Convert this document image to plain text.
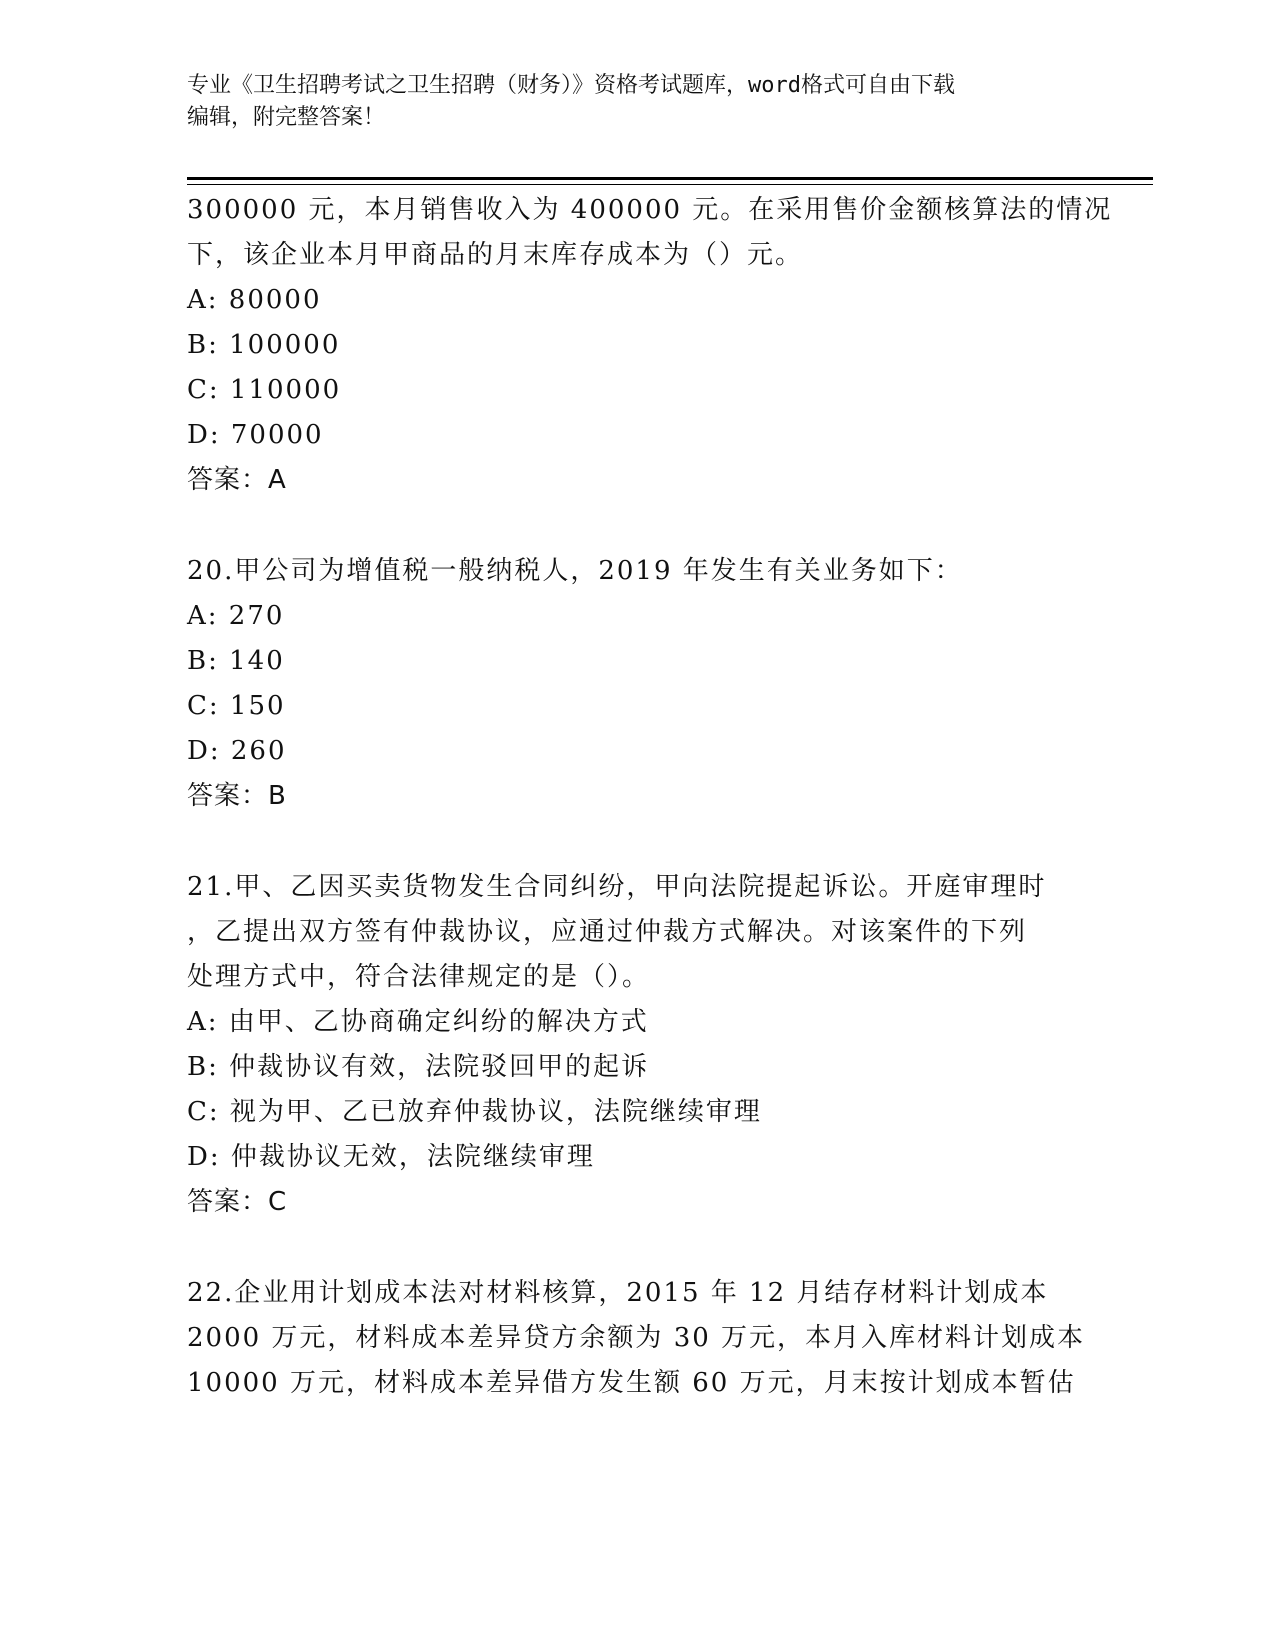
专业《卫生招聘考试之卫生招聘（财务）》资格考试题库，word格式可自由下载
编辑，附完整答案！
300000 元，本月销售收入为 400000 元。在采用售价金额核算法的情况
下，该企业本月甲商品的月末库存成本为（）元。
A: 80000
B: 100000
C: 110000
D: 70000
答案：A
20.甲公司为增值税一般纳税人，2019 年发生有关业务如下：
A: 270
B: 140
C: 150
D: 260
答案：B
21.甲、乙因买卖货物发生合同纠纷，甲向法院提起诉讼。开庭审理时
，乙提出双方签有仲裁协议，应通过仲裁方式解决。对该案件的下列
处理方式中，符合法律规定的是（）。
A: 由甲、乙协商确定纠纷的解决方式
B: 仲裁协议有效，法院驳回甲的起诉
C: 视为甲、乙已放弃仲裁协议，法院继续审理
D: 仲裁协议无效，法院继续审理
答案：C
22.企业用计划成本法对材料核算，2015 年 12 月结存材料计划成本
2000 万元，材料成本差异贷方余额为 30 万元，本月入库材料计划成本
10000 万元，材料成本差异借方发生额 60 万元，月末按计划成本暂估
